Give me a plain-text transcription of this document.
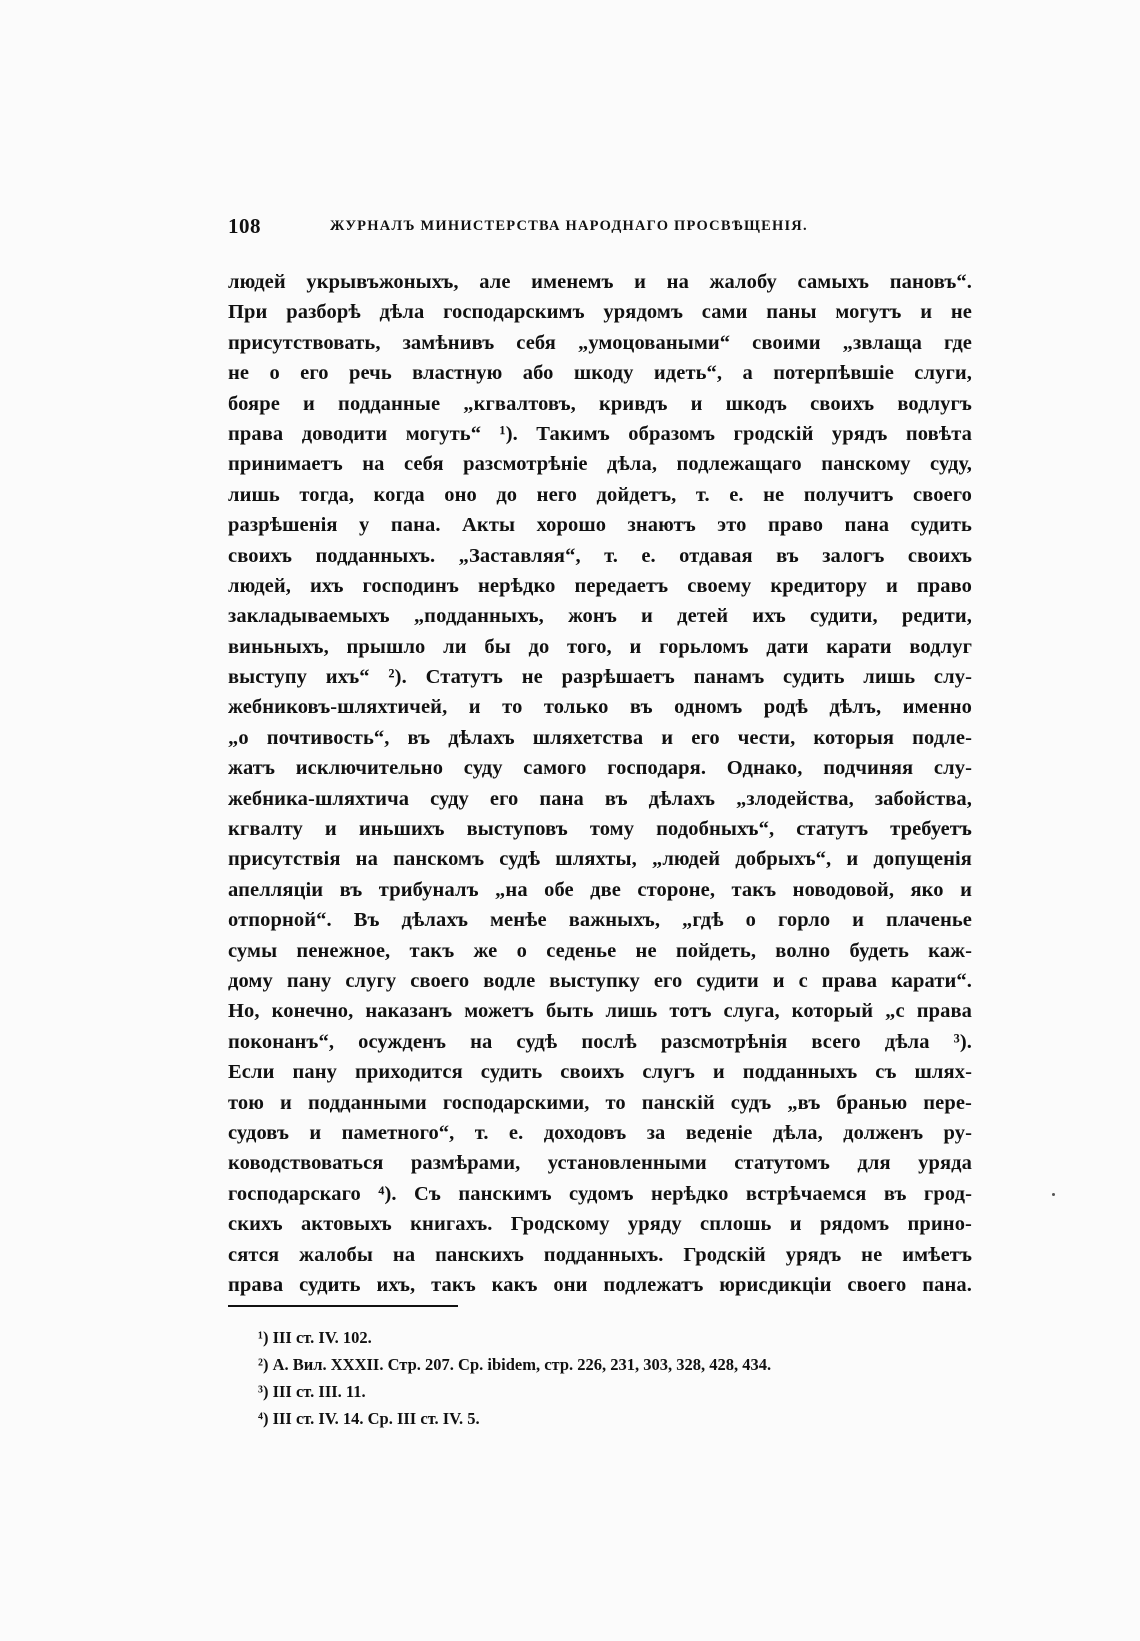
108	ЖУРНАЛЪ МИНИСТЕРСТВА НАРОДНАГО ПРОСВѢЩЕНІЯ.
людей укрывъжоныхъ, але именемъ и на жалобу самыхъ пановъ“.
При разборѣ дѣла господарскимъ урядомъ сами паны могутъ и не
присутствовать, замѣнивъ себя „умоцоваными“ своими „звлаща где
не о его речь властную або шкоду идеть“, а потерпѣвшіе слуги,
бояре и подданные „кгвалтовъ, кривдъ и шкодъ своихъ водлугъ
права доводити могуть“ ¹). Такимъ образомъ гродскій урядъ повѣта
принимаетъ на себя разсмотрѣніе дѣла, подлежащаго панскому суду,
лишь тогда, когда оно до него дойдетъ, т. е. не получитъ своего
разрѣшенія у пана. Акты хорошо знаютъ это право пана судить
своихъ подданныхъ. „Заставляя“, т. е. отдавая въ залогъ своихъ
людей, ихъ господинъ нерѣдко передаетъ своему кредитору и право
закладываемыхъ „подданныхъ, жонъ и детей ихъ судити, редити,
виньныхъ, прышло ли бы до того, и горьломъ дати карати водлуг
выступу ихъ“ ²). Статутъ не разрѣшаетъ панамъ судить лишь слу-
жебниковъ-шляхтичей, и то только въ одномъ родѣ дѣлъ, именно
„о почтивость“, въ дѣлахъ шляхетства и его чести, которыя подле-
жатъ исключительно суду самого господаря. Однако, подчиняя слу-
жебника-шляхтича суду его пана въ дѣлахъ „злодейства, забойства,
кгвалту и иньшихъ выступовъ тому подобныхъ“, статутъ требуетъ
присутствія на панскомъ судѣ шляхты, „людей добрыхъ“, и допущенія
апелляціи въ трибуналъ „на обе две стороне, такъ новодовой, яко и
отпорной“. Въ дѣлахъ менѣе важныхъ, „гдѣ о горло и плаченье
сумы пенежное, такъ же о седенье не пойдеть, волно будеть каж-
дому пану слугу своего водле выступку его судити и с права карати“.
Но, конечно, наказанъ можетъ быть лишь тотъ слуга, который „с права
поконанъ“, осужденъ на судѣ послѣ разсмотрѣнія всего дѣла ³).
Если пану приходится судить своихъ слугъ и подданныхъ съ шлях-
тою и подданными господарскими, то панскій судъ „въ бранью пере-
судовъ и паметного“, т. е. доходовъ за веденіе дѣла, долженъ ру-
ководствоваться размѣрами, установленными статутомъ для уряда
господарскаго ⁴). Съ панскимъ судомъ нерѣдко встрѣчаемся въ грод-
скихъ актовыхъ книгахъ. Гродскому уряду сплошь и рядомъ прино-
сятся жалобы на панскихъ подданныхъ. Гродскій урядъ не имѣетъ
права судить ихъ, такъ какъ они подлежатъ юрисдикціи своего пана.
¹) III ст. IV. 102.
²) А. Вил. XXXII. Стр. 207. Ср. ibidem, стр. 226, 231, 303, 328, 428, 434.
³) III ст. III. 11.
⁴) III ст. IV. 14. Ср. III ст. IV. 5.
